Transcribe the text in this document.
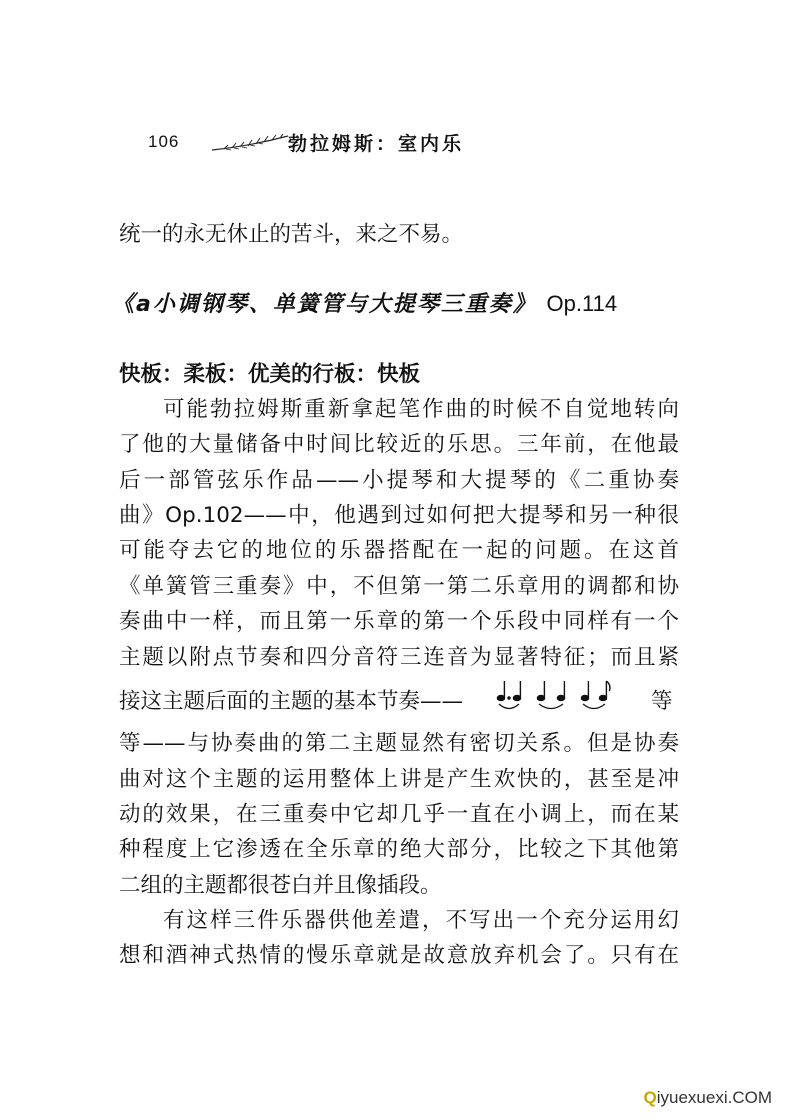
106	勃拉姆斯：室内乐
统一的永无休止的苦斗，来之不易。
《a小调钢琴、单簧管与大提琴三重奏》 Op.114
快板：柔板：优美的行板：快板
可能勃拉姆斯重新拿起笔作曲的时候不自觉地转向
了他的大量储备中时间比较近的乐思。三年前，在他最
后一部管弦乐作品——小提琴和大提琴的《二重协奏
曲》Op.102——中，他遇到过如何把大提琴和另一种很
可能夺去它的地位的乐器搭配在一起的问题。在这首
《单簧管三重奏》中，不但第一第二乐章用的调都和协
奏曲中一样，而且第一乐章的第一个乐段中同样有一个
主题以附点节奏和四分音符三连音为显著特征；而且紧
接这主题后面的主题的基本节奏——	等
等——与协奏曲的第二主题显然有密切关系。但是协奏
曲对这个主题的运用整体上讲是产生欢快的，甚至是冲
动的效果，在三重奏中它却几乎一直在小调上，而在某
种程度上它渗透在全乐章的绝大部分，比较之下其他第
二组的主题都很苍白并且像插段。
有这样三件乐器供他差遣，不写出一个充分运用幻
想和酒神式热情的慢乐章就是故意放弃机会了。只有在
Qiyuexuexi.COM
